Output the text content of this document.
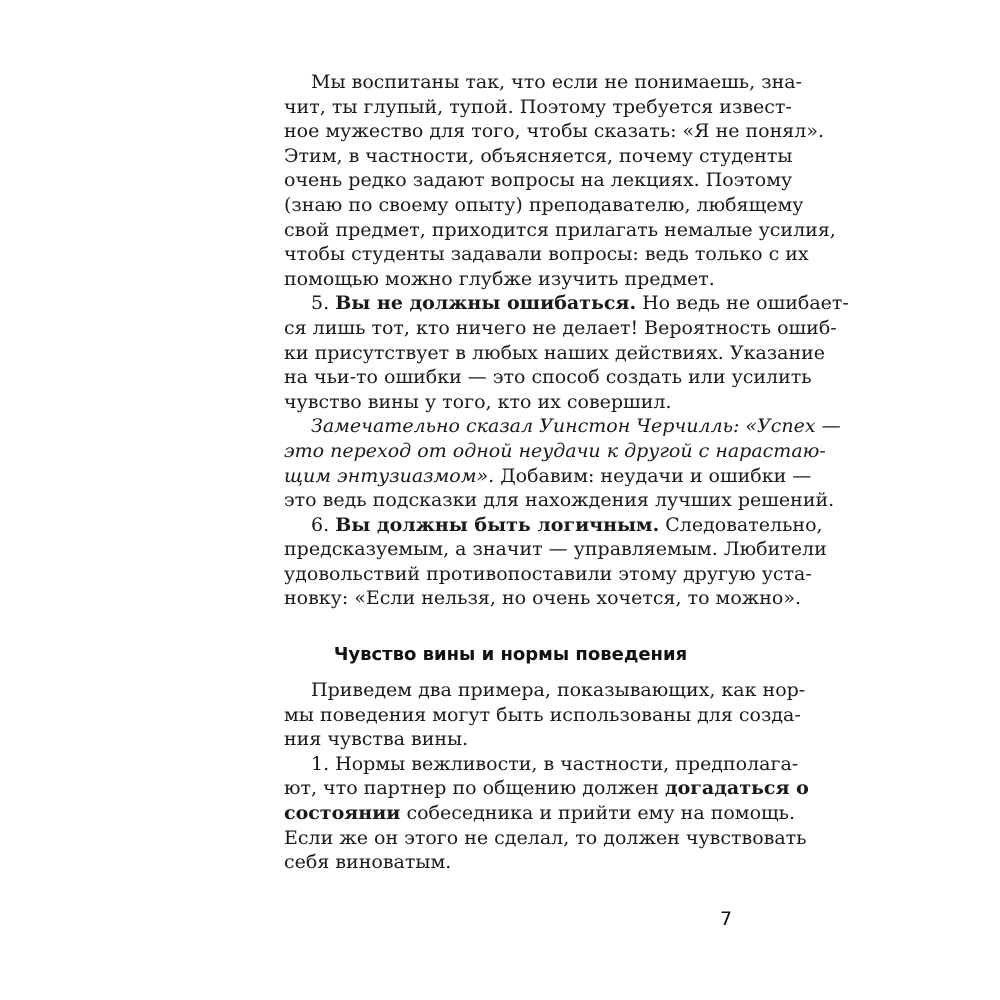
Мы воспитаны так, что если не понимаешь, зна-
чит, ты глупый, тупой. Поэтому требуется извест-
ное мужество для того, чтобы сказать: «Я не понял».
Этим, в частности, объясняется, почему студенты
очень редко задают вопросы на лекциях. Поэтому
(знаю по своему опыту) преподавателю, любящему
свой предмет, приходится прилагать немалые усилия,
чтобы студенты задавали вопросы: ведь только с их
помощью можно глубже изучить предмет.
5. Вы не должны ошибаться. Но ведь не ошибает-
ся лишь тот, кто ничего не делает! Вероятность ошиб-
ки присутствует в любых наших действиях. Указание
на чьи-то ошибки — это способ создать или усилить
чувство вины у того, кто их совершил.
Замечательно сказал Уинстон Черчилль: «Успех —
это переход от одной неудачи к другой с нарастаю-
щим энтузиазмом». Добавим: неудачи и ошибки —
это ведь подсказки для нахождения лучших решений.
6. Вы должны быть логичным. Следовательно,
предсказуемым, а значит — управляемым. Любители
удовольствий противопоставили этому другую уста-
новку: «Если нельзя, но очень хочется, то можно».
Чувство вины и нормы поведения
Приведем два примера, показывающих, как нор-
мы поведения могут быть использованы для созда-
ния чувства вины.
1. Нормы вежливости, в частности, предполага-
ют, что партнер по общению должен догадаться о
состоянии собеседника и прийти ему на помощь.
Если же он этого не сделал, то должен чувствовать
себя виноватым.
7
